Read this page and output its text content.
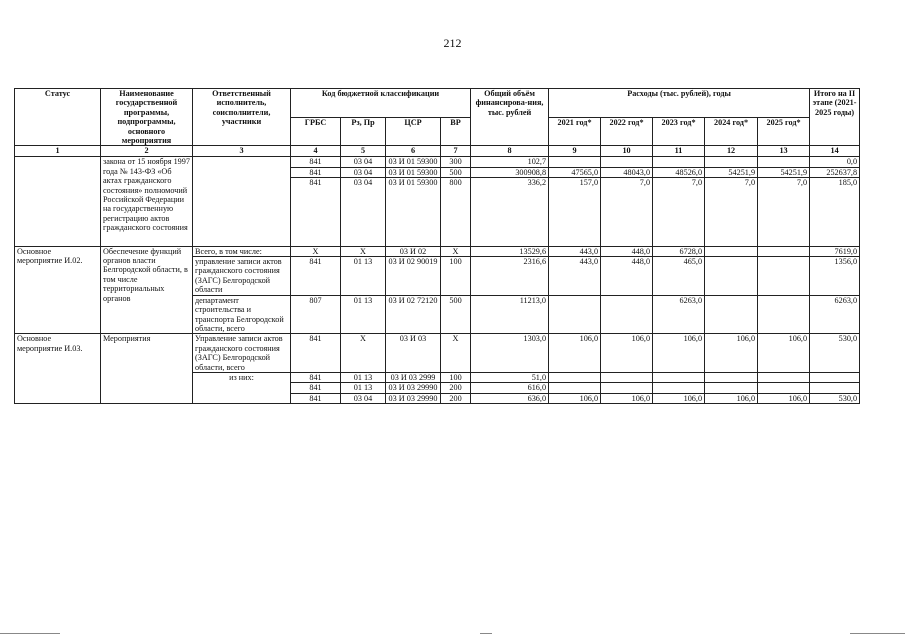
212
Статус	Наименование государственной программы, подпрограммы, основного мероприятия	Ответственный исполнитель, соисполнители, участники	Код бюджетной классификации				Общий объём финансирова-ния, тыс. рублей	Расходы (тыс. рублей), годы					Итого на II этапе (2021-2025 годы)
			ГРБС	Рз, Пр	ЦСР	ВР		2021 год*	2022 год*	2023 год*	2024 год*	2025 год*	
1	2	3	4	5	6	7	8	9	10	11	12	13	14
	закона от 15 ноября 1997 года № 143-ФЗ «Об актах гражданского состояния» полномочий Российской Федерации на государственную регистрацию актов гражданского состояния		841	03 04	03 И 01 59300	300	102,7						0,0
			841	03 04	03 И 01 59300	500	300908,8	47565,0	48043,0	48526,0	54251,9	54251,9	252637,8
			841	03 04	03 И 01 59300	800	336,2	157,0	7,0	7,0	7,0	7,0	185,0

Основное мероприятие И.02.	Обеспечение функций органов власти Белгородской области, в том числе территориальных органов	Всего, в том числе:	Х	Х	03 И 02	Х	13529,6	443,0	448,0	6728,0			7619,0
		управление записи актов гражданского состояния (ЗАГС) Белгородской области	841	01 13	03 И 02 90019	100	2316,6	443,0	448,0	465,0			1356,0
		департамент строительства и транспорта Белгородской области, всего	807	01 13	03 И 02 72120	500	11213,0			6263,0			6263,0
Основное мероприятие И.03.	Мероприятия	Управление записи актов гражданского состояния (ЗАГС) Белгородской области, всего	841	Х	03 И 03	Х	1303,0	106,0	106,0	106,0	106,0	106,0	530,0
		из них:	841	01 13	03 И 03 2999	100	51,0						
			841	01 13	03 И 03 29990	200	616,0						
			841	03 04	03 И 03 29990	200	636,0	106,0	106,0	106,0	106,0	106,0	530,0
